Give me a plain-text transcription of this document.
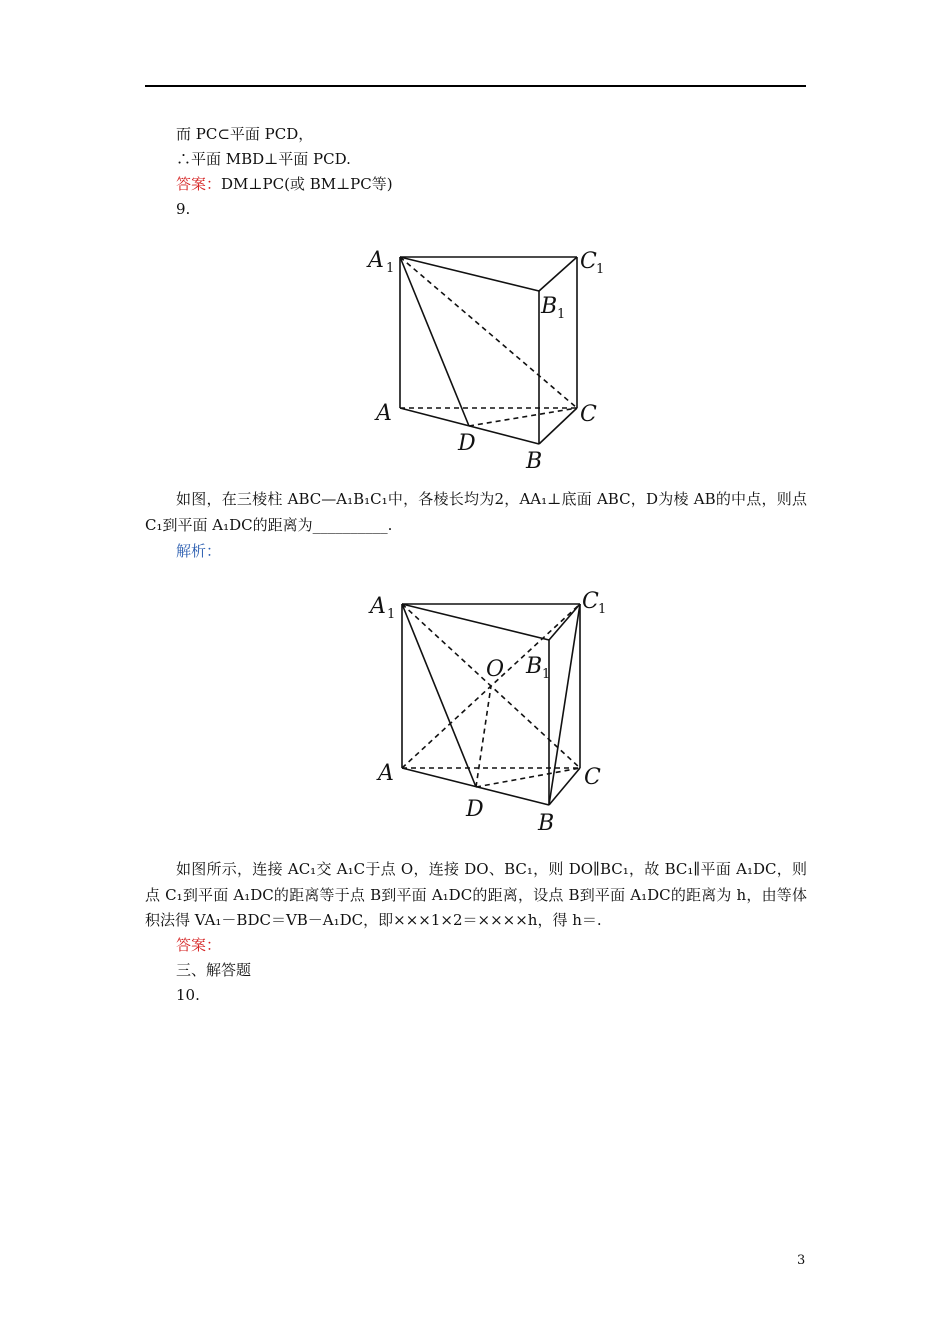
而 PC⊂平面 PCD，
∴平面 MBD⊥平面 PCD.
答案：DM⊥PC(或 BM⊥PC等)
9.
A 1	C 1
B 1
A	C
D
B
如图，在三棱柱 ABC—A₁B₁C₁中，各棱长均为2，AA₁⊥底面 ABC，D为棱 AB的中点，则点 C₁到平面 A₁DC的距离为__________.
解析：
A 1
C 1
O B 1
A	C
D
B
如图所示，连接 AC₁交 A₁C于点 O，连接 DO、BC₁，则 DO∥BC₁，故 BC₁∥平面 A₁DC，则点 C₁到平面 A₁DC的距离等于点 B到平面 A₁DC的距离，设点 B到平面 A₁DC的距离为 h，由等体积法得 VA₁－BDC＝VB－A₁DC，即×××1×2＝××××h，得 h＝.
答案：
三、解答题
10.
3
